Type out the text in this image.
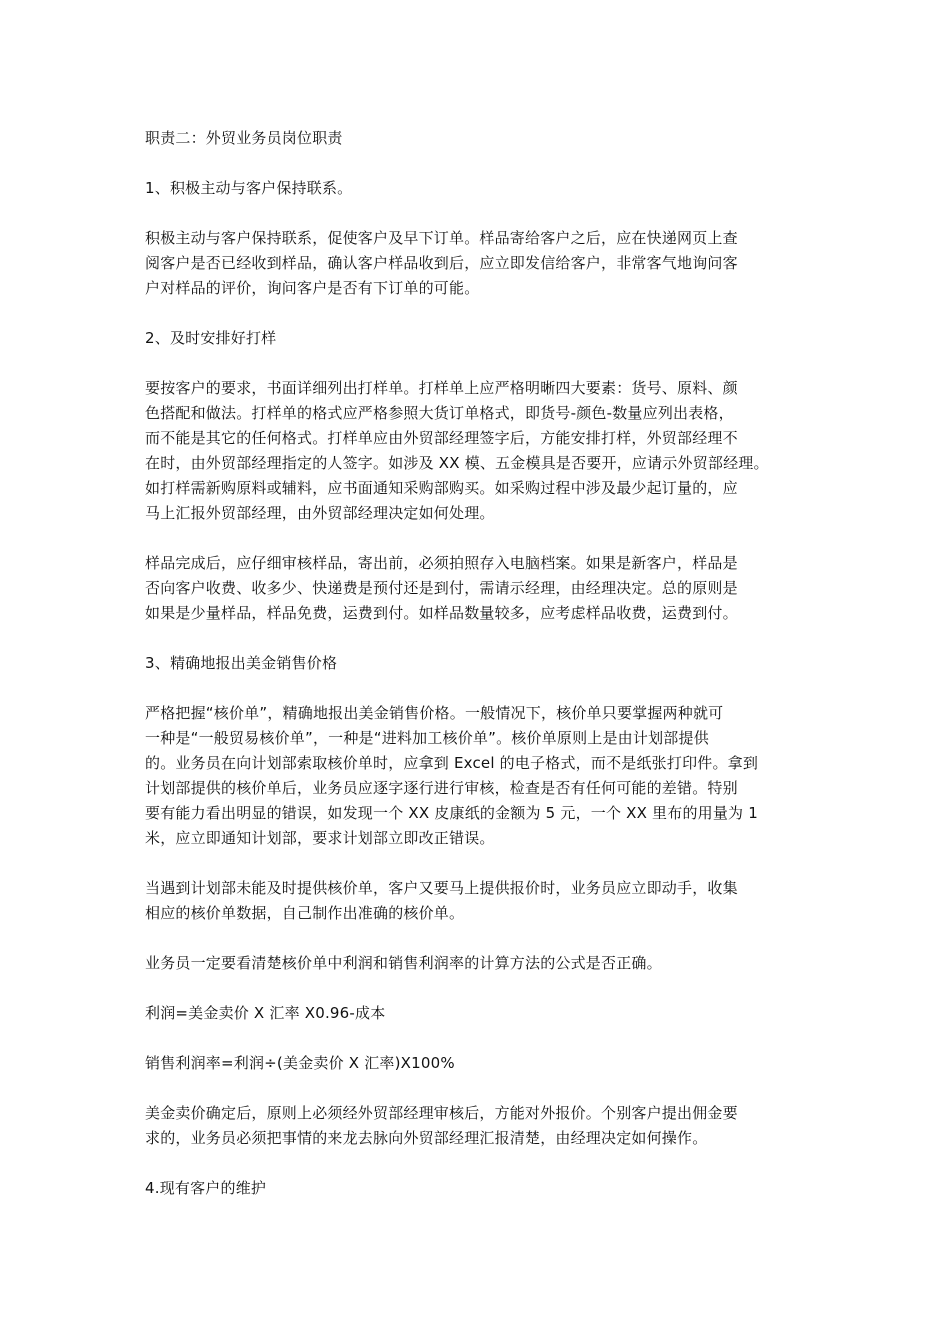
职责二：外贸业务员岗位职责
1、积极主动与客户保持联系。
积极主动与客户保持联系，促使客户及早下订单。样品寄给客户之后，应在快递网页上查
阅客户是否已经收到样品，确认客户样品收到后，应立即发信给客户，非常客气地询问客
户对样品的评价，询问客户是否有下订单的可能。
2、及时安排好打样
要按客户的要求，书面详细列出打样单。打样单上应严格明晰四大要素：货号、原料、颜
色搭配和做法。打样单的格式应严格参照大货订单格式，即货号-颜色-数量应列出表格，
而不能是其它的任何格式。打样单应由外贸部经理签字后，方能安排打样，外贸部经理不
在时，由外贸部经理指定的人签字。如涉及 XX 模、五金模具是否要开，应请示外贸部经理。
如打样需新购原料或辅料，应书面通知采购部购买。如采购过程中涉及最少起订量的，应
马上汇报外贸部经理，由外贸部经理决定如何处理。
样品完成后，应仔细审核样品，寄出前，必须拍照存入电脑档案。如果是新客户，样品是
否向客户收费、收多少、快递费是预付还是到付，需请示经理，由经理决定。总的原则是
如果是少量样品，样品免费，运费到付。如样品数量较多，应考虑样品收费，运费到付。
3、精确地报出美金销售价格
严格把握“核价单”，精确地报出美金销售价格。一般情况下，核价单只要掌握两种就可
一种是“一般贸易核价单”，一种是“进料加工核价单”。核价单原则上是由计划部提供
的。业务员在向计划部索取核价单时，应拿到 Excel 的电子格式，而不是纸张打印件。拿到
计划部提供的核价单后，业务员应逐字逐行进行审核，检查是否有任何可能的差错。特别
要有能力看出明显的错误，如发现一个 XX 皮康纸的金额为 5 元，一个 XX 里布的用量为 1
米，应立即通知计划部，要求计划部立即改正错误。
当遇到计划部未能及时提供核价单，客户又要马上提供报价时，业务员应立即动手，收集
相应的核价单数据，自己制作出准确的核价单。
业务员一定要看清楚核价单中利润和销售利润率的计算方法的公式是否正确。
利润=美金卖价 X 汇率 X0.96-成本
销售利润率=利润÷(美金卖价 X 汇率)X100%
美金卖价确定后，原则上必须经外贸部经理审核后，方能对外报价。个别客户提出佣金要
求的，业务员必须把事情的来龙去脉向外贸部经理汇报清楚，由经理决定如何操作。
4.现有客户的维护
